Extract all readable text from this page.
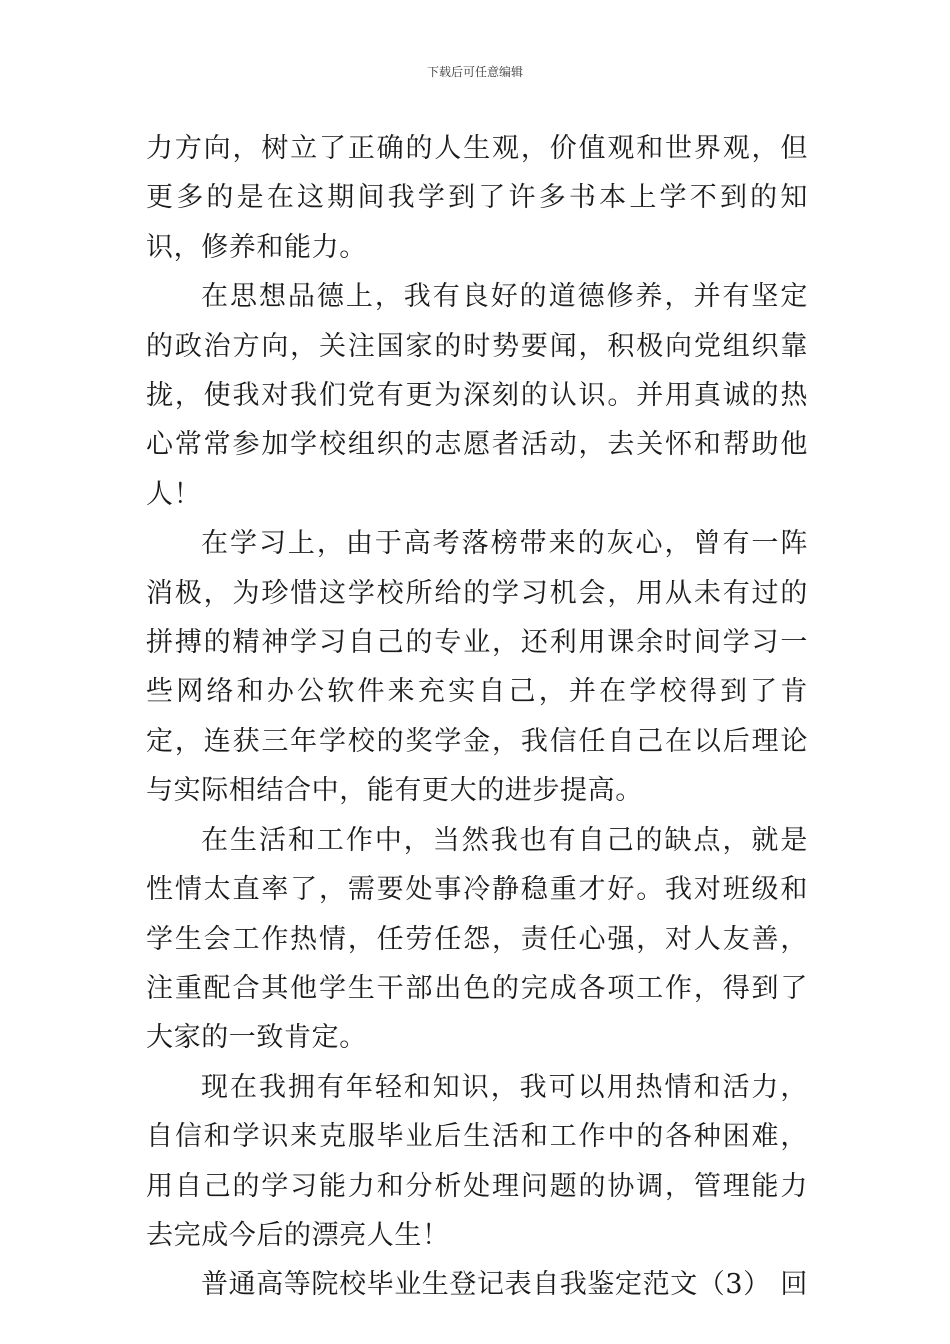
下载后可任意编辑

力方向，树立了正确的人生观，价值观和世界观，但更多的是在这期间我学到了许多书本上学不到的知识，修养和能力。

在思想品德上，我有良好的道德修养，并有坚定的政治方向，关注国家的时势要闻，积极向党组织靠拢，使我对我们党有更为深刻的认识。并用真诚的热心常常参加学校组织的志愿者活动，去关怀和帮助他人！

在学习上，由于高考落榜带来的灰心，曾有一阵消极，为珍惜这学校所给的学习机会，用从未有过的拼搏的精神学习自己的专业，还利用课余时间学习一些网络和办公软件来充实自己，并在学校得到了肯定，连获三年学校的奖学金，我信任自己在以后理论与实际相结合中，能有更大的进步提高。

在生活和工作中，当然我也有自己的缺点，就是性情太直率了，需要处事冷静稳重才好。我对班级和学生会工作热情，任劳任怨，责任心强，对人友善，注重配合其他学生干部出色的完成各项工作，得到了大家的一致肯定。

现在我拥有年轻和知识，我可以用热情和活力，自信和学识来克服毕业后生活和工作中的各种困难，用自己的学习能力和分析处理问题的协调，管理能力去完成今后的漂亮人生！

普通高等院校毕业生登记表自我鉴定范文（3） 回
